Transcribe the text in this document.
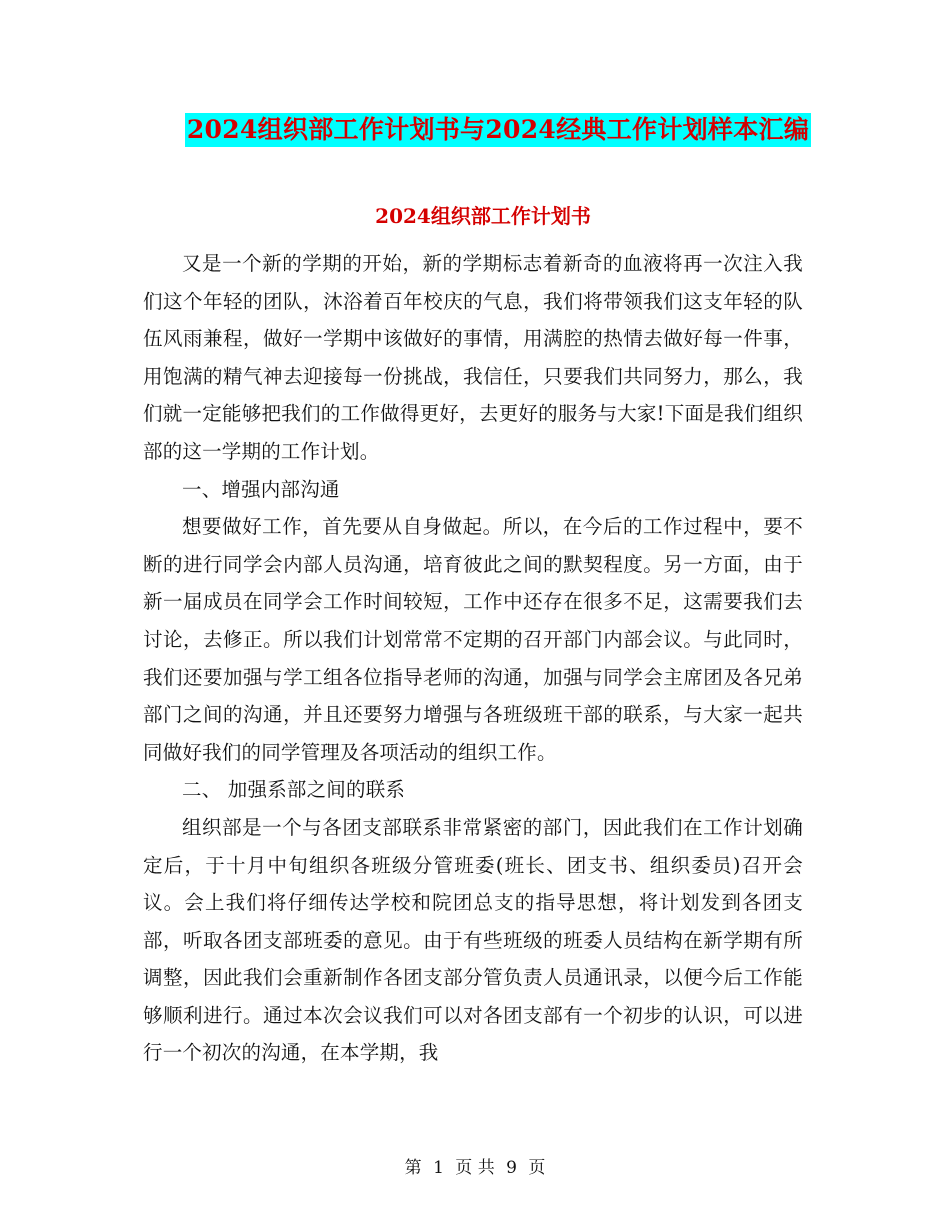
2024组织部工作计划书与2024经典工作计划样本汇编
2024组织部工作计划书

又是一个新的学期的开始，新的学期标志着新奇的血液将再一次注入我们这个年轻的团队，沐浴着百年校庆的气息，我们将带领我们这支年轻的队伍风雨兼程，做好一学期中该做好的事情，用满腔的热情去做好每一件事，用饱满的精气神去迎接每一份挑战，我信任，只要我们共同努力，那么，我们就一定能够把我们的工作做得更好，去更好的服务与大家!下面是我们组织部的这一学期的工作计划。

一、增强内部沟通

想要做好工作，首先要从自身做起。所以，在今后的工作过程中，要不断的进行同学会内部人员沟通，培育彼此之间的默契程度。另一方面，由于新一届成员在同学会工作时间较短，工作中还存在很多不足，这需要我们去讨论，去修正。所以我们计划常常不定期的召开部门内部会议。与此同时，我们还要加强与学工组各位指导老师的沟通，加强与同学会主席团及各兄弟部门之间的沟通，并且还要努力增强与各班级班干部的联系，与大家一起共同做好我们的同学管理及各项活动的组织工作。

二、 加强系部之间的联系

组织部是一个与各团支部联系非常紧密的部门，因此我们在工作计划确定后，于十月中旬组织各班级分管班委(班长、团支书、组织委员)召开会议。会上我们将仔细传达学校和院团总支的指导思想，将计划发到各团支部，听取各团支部班委的意见。由于有些班级的班委人员结构在新学期有所调整，因此我们会重新制作各团支部分管负责人员通讯录，以便今后工作能够顺利进行。通过本次会议我们可以对各团支部有一个初步的认识，可以进行一个初次的沟通，在本学期，我

第 1 页 共 9 页
